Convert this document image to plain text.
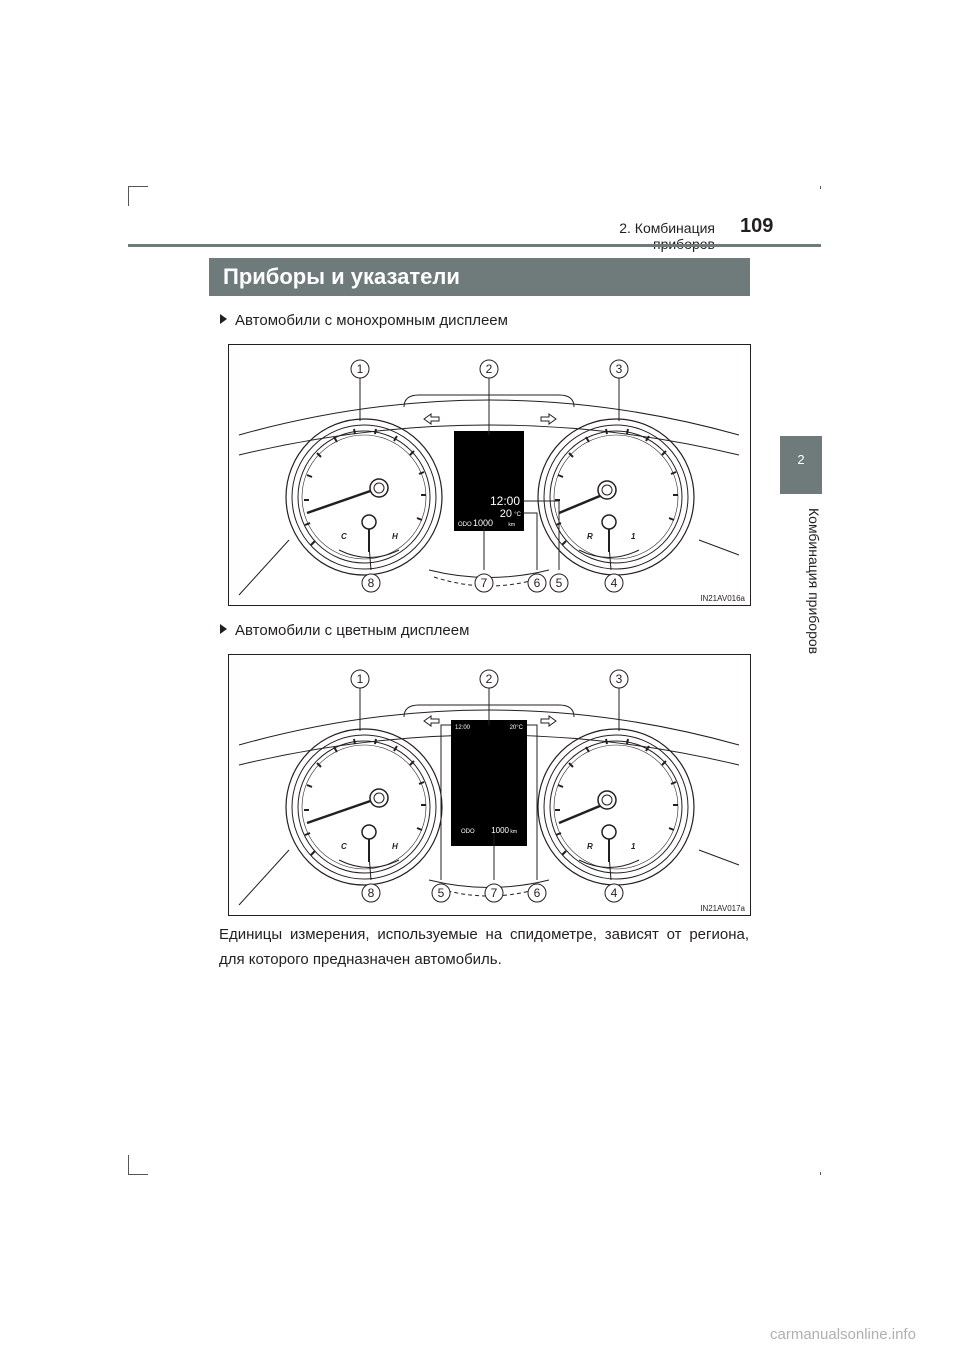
2. Комбинация 109
2
Комбинация приборов
Приборы и указатели
Автомобили с монохромным дисплеем
C	H	R	1
12:00
20 °C
ODO 1000	km
1	2	3
8	7	6 5	4
IN21AV016a
Автомобили с цветным дисплеем
C	H	R	1
12:00	20°C
ODO 1000 km
1	2	3
8	5	7	6	4
IN21AV017a
Единицы измерения, используемые на спидометре, зависят от региона, для которого предназначен автомобиль.
carmanualsonline.info
